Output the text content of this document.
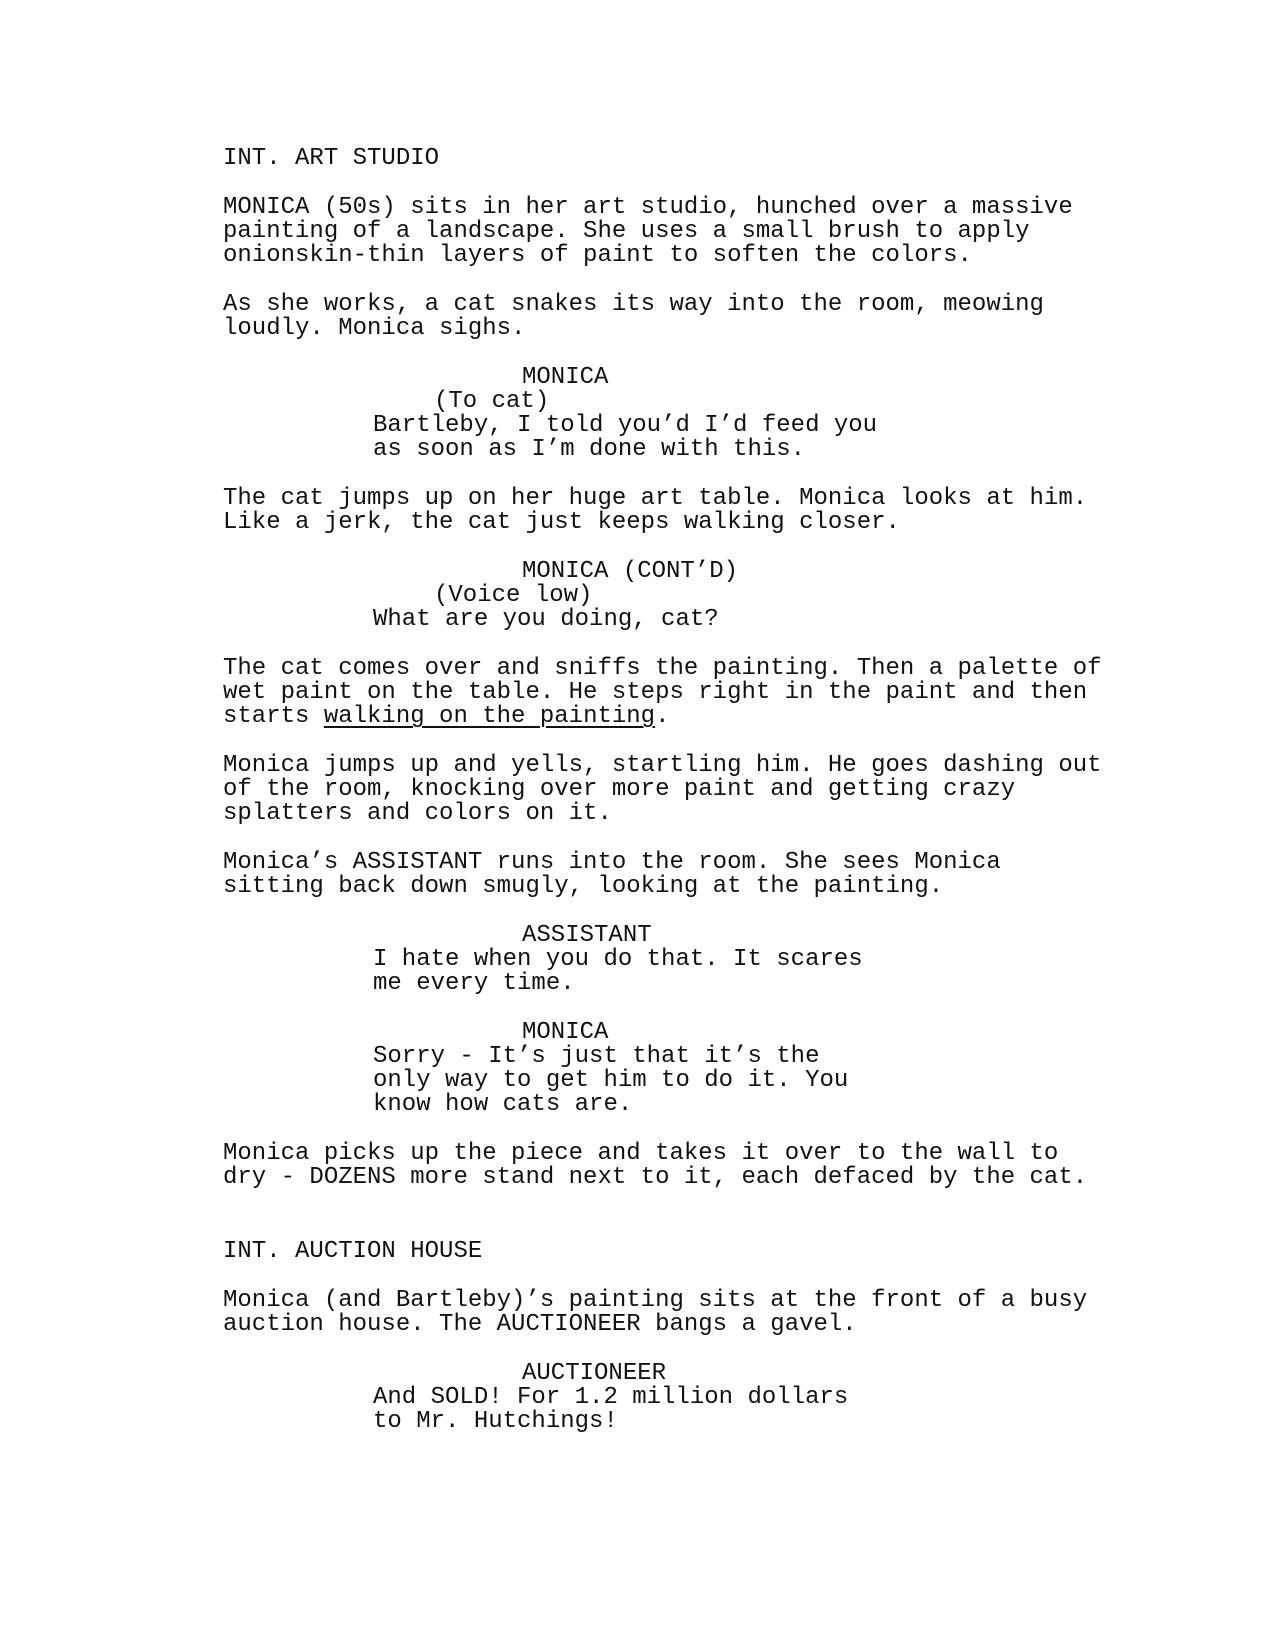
INT. ART STUDIO
MONICA (50s) sits in her art studio, hunched over a massive
painting of a landscape. She uses a small brush to apply
onionskin-thin layers of paint to soften the colors.
As she works, a cat snakes its way into the room, meowing
loudly. Monica sighs.
MONICA
(To cat)
Bartleby, I told you’d I’d feed you
as soon as I’m done with this.
The cat jumps up on her huge art table. Monica looks at him.
Like a jerk, the cat just keeps walking closer.
MONICA (CONT’D)
(Voice low)
What are you doing, cat?
The cat comes over and sniffs the painting. Then a palette of
wet paint on the table. He steps right in the paint and then
starts walking on the painting.
Monica jumps up and yells, startling him. He goes dashing out
of the room, knocking over more paint and getting crazy
splatters and colors on it.
Monica’s ASSISTANT runs into the room. She sees Monica
sitting back down smugly, looking at the painting.
ASSISTANT
I hate when you do that. It scares
me every time.
MONICA
Sorry - It’s just that it’s the
only way to get him to do it. You
know how cats are.
Monica picks up the piece and takes it over to the wall to
dry - DOZENS more stand next to it, each defaced by the cat.
INT. AUCTION HOUSE
Monica (and Bartleby)’s painting sits at the front of a busy
auction house. The AUCTIONEER bangs a gavel.
AUCTIONEER
And SOLD! For 1.2 million dollars
to Mr. Hutchings!
